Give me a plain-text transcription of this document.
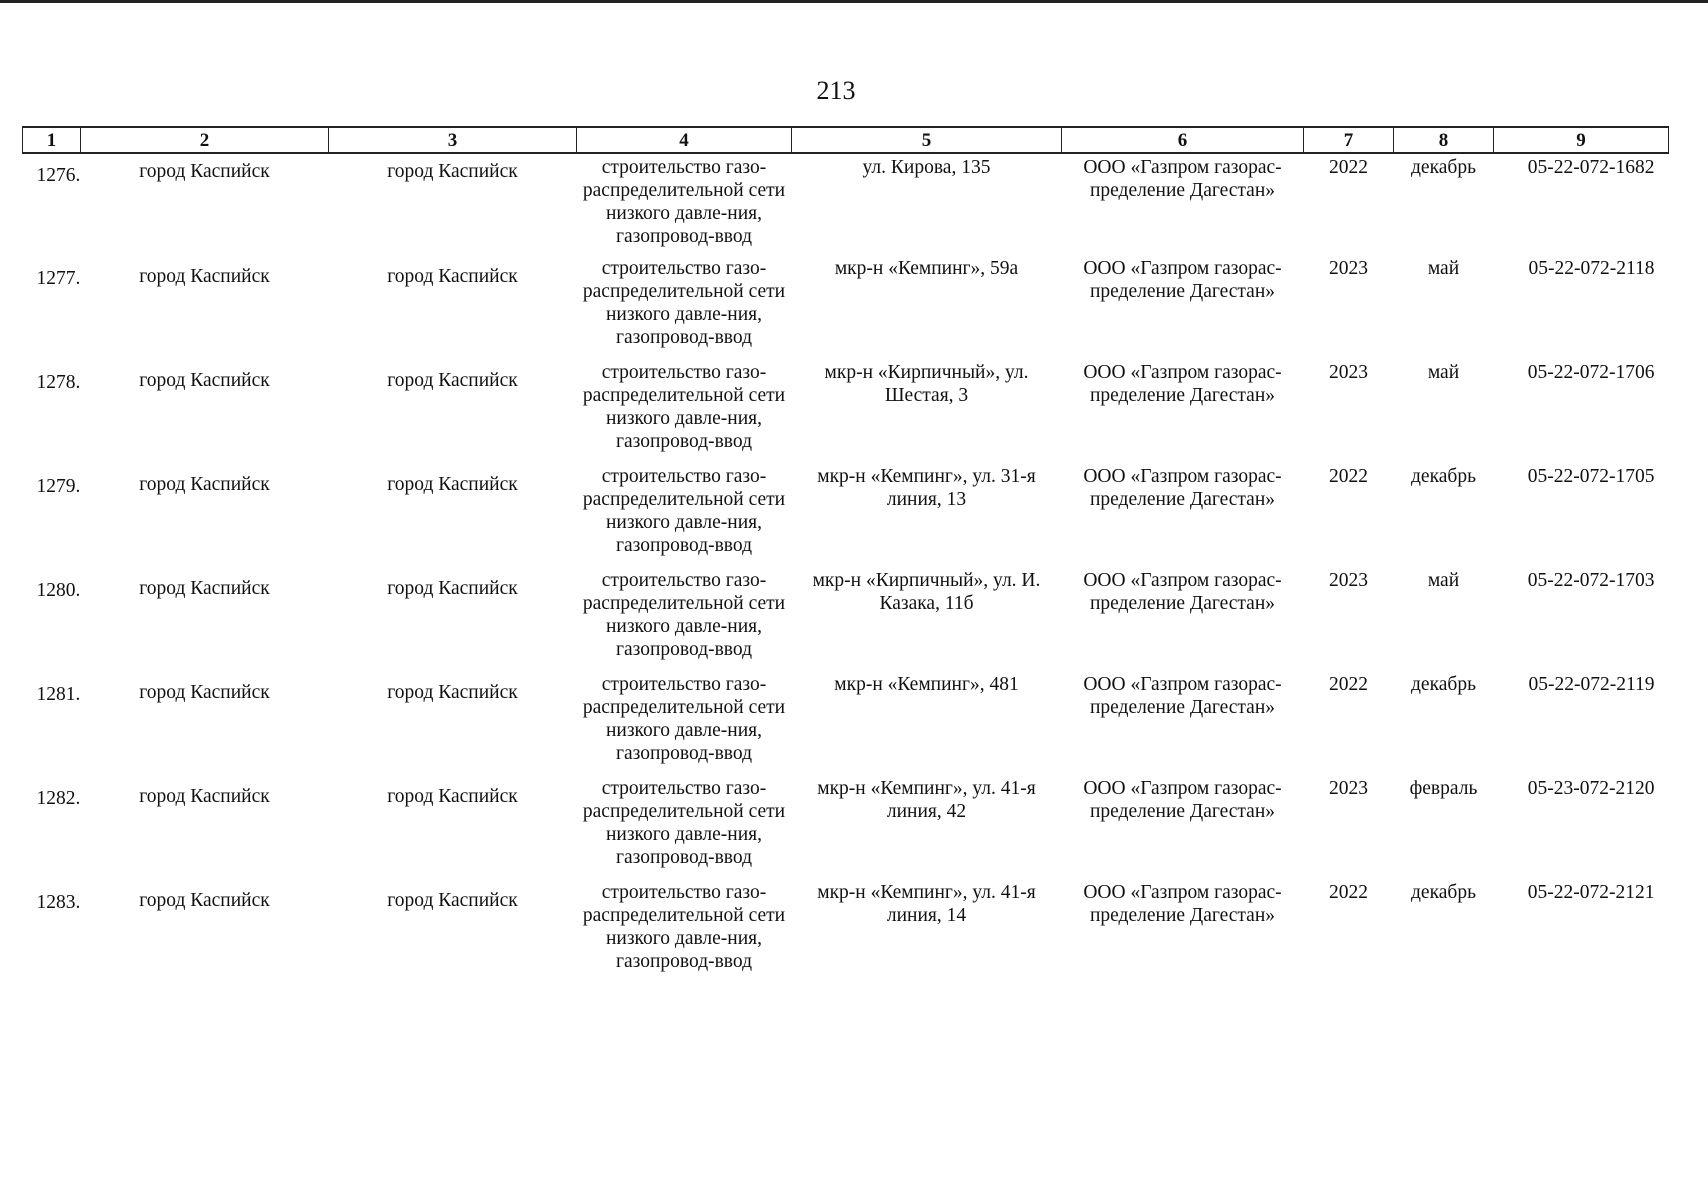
213
1	2	3	4	5	6	7	8	9
1276.	город Каспийск	город Каспийск	строительство газо-распределительной сети низкого давле-ния, газопровод-ввод	ул. Кирова, 135	ООО «Газпром газорас-пределение Дагестан»	2022	декабрь	05-22-072-1682
1277.	город Каспийск	город Каспийск	строительство газо-распределительной сети низкого давле-ния, газопровод-ввод	мкр-н «Кемпинг», 59а	ООО «Газпром газорас-пределение Дагестан»	2023	май	05-22-072-2118
1278.	город Каспийск	город Каспийск	строительство газо-распределительной сети низкого давле-ния, газопровод-ввод	мкр-н «Кирпичный», ул. Шестая, 3	ООО «Газпром газорас-пределение Дагестан»	2023	май	05-22-072-1706
1279.	город Каспийск	город Каспийск	строительство газо-распределительной сети низкого давле-ния, газопровод-ввод	мкр-н «Кемпинг», ул. 31-я линия, 13	ООО «Газпром газорас-пределение Дагестан»	2022	декабрь	05-22-072-1705
1280.	город Каспийск	город Каспийск	строительство газо-распределительной сети низкого давле-ния, газопровод-ввод	мкр-н «Кирпичный», ул. И. Казака, 11б	ООО «Газпром газорас-пределение Дагестан»	2023	май	05-22-072-1703
1281.	город Каспийск	город Каспийск	строительство газо-распределительной сети низкого давле-ния, газопровод-ввод	мкр-н «Кемпинг», 481	ООО «Газпром газорас-пределение Дагестан»	2022	декабрь	05-22-072-2119
1282.	город Каспийск	город Каспийск	строительство газо-распределительной сети низкого давле-ния, газопровод-ввод	мкр-н «Кемпинг», ул. 41-я линия, 42	ООО «Газпром газорас-пределение Дагестан»	2023	февраль	05-23-072-2120
1283.	город Каспийск	город Каспийск	строительство газо-распределительной сети низкого давле-ния, газопровод-ввод	мкр-н «Кемпинг», ул. 41-я линия, 14	ООО «Газпром газорас-пределение Дагестан»	2022	декабрь	05-22-072-2121
